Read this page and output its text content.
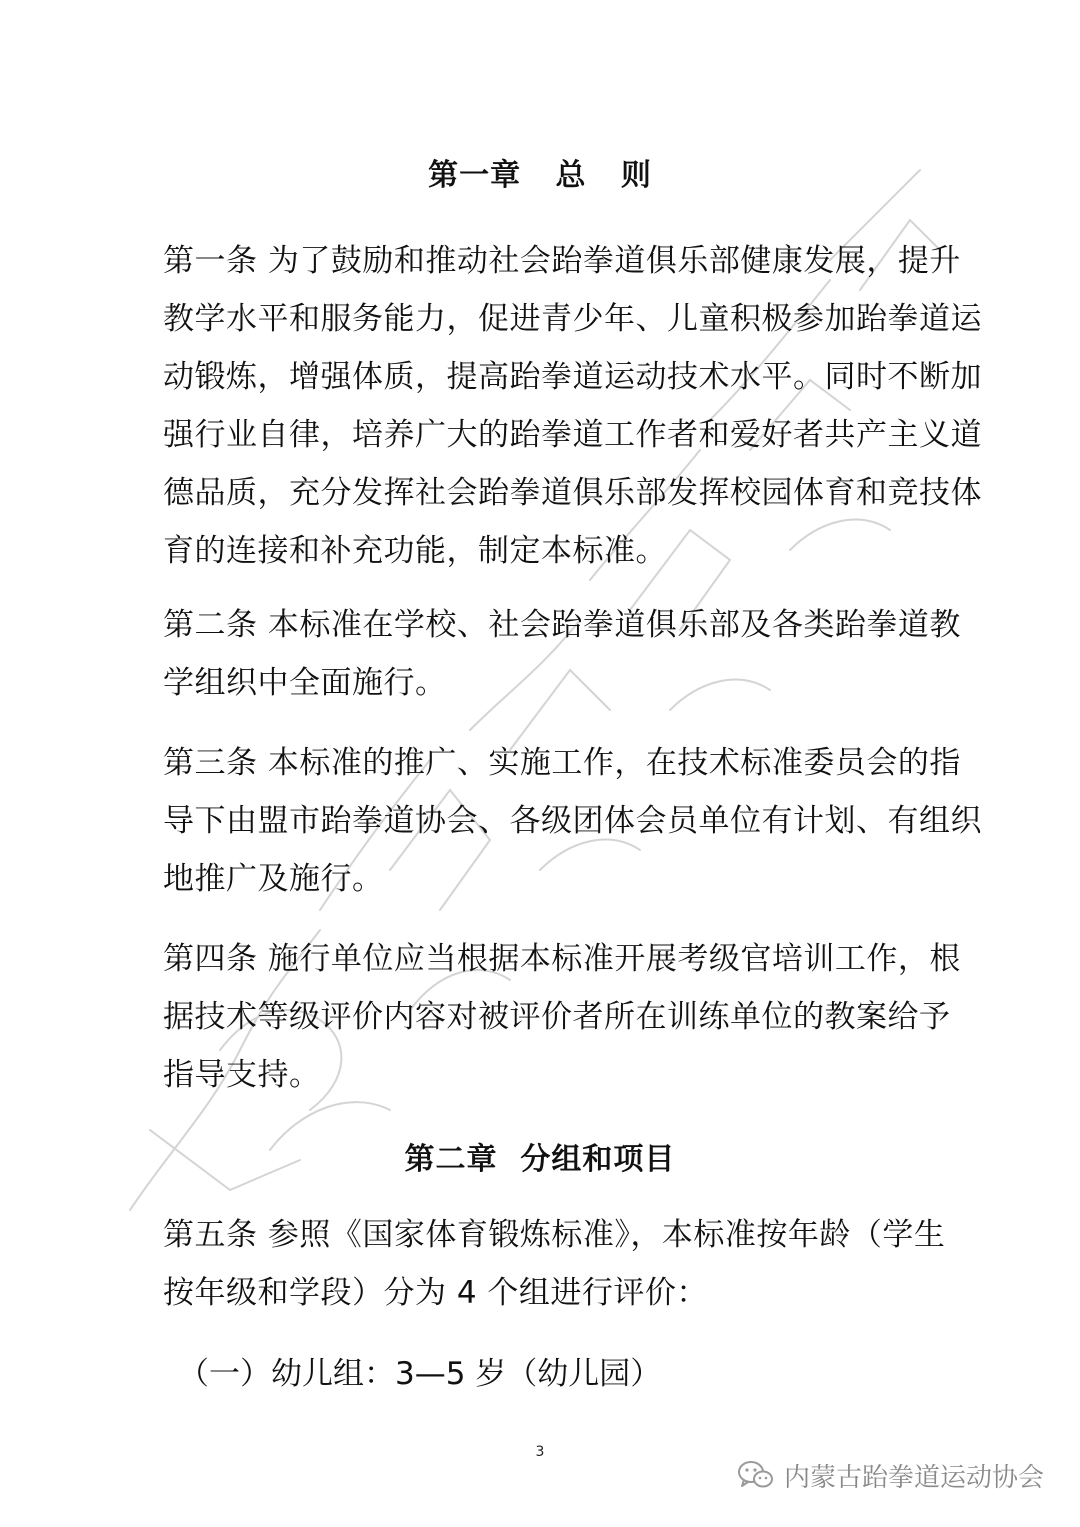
第一章   总   则
第一条 为了鼓励和推动社会跆拳道俱乐部健康发展，提升
教学水平和服务能力，促进青少年、儿童积极参加跆拳道运
动锻炼，增强体质，提高跆拳道运动技术水平。同时不断加
强行业自律，培养广大的跆拳道工作者和爱好者共产主义道
德品质，充分发挥社会跆拳道俱乐部发挥校园体育和竞技体
育的连接和补充功能，制定本标准。
第二条 本标准在学校、社会跆拳道俱乐部及各类跆拳道教
学组织中全面施行。
第三条 本标准的推广、实施工作，在技术标准委员会的指
导下由盟市跆拳道协会、各级团体会员单位有计划、有组织
地推广及施行。
第四条 施行单位应当根据本标准开展考级官培训工作，根
据技术等级评价内容对被评价者所在训练单位的教案给予
指导支持。
第二章  分组和项目
第五条 参照《国家体育锻炼标准》，本标准按年龄（学生
按年级和学段）分为 4 个组进行评价：
（一）幼儿组：3—5 岁（幼儿园）
3
内蒙古跆拳道运动协会
